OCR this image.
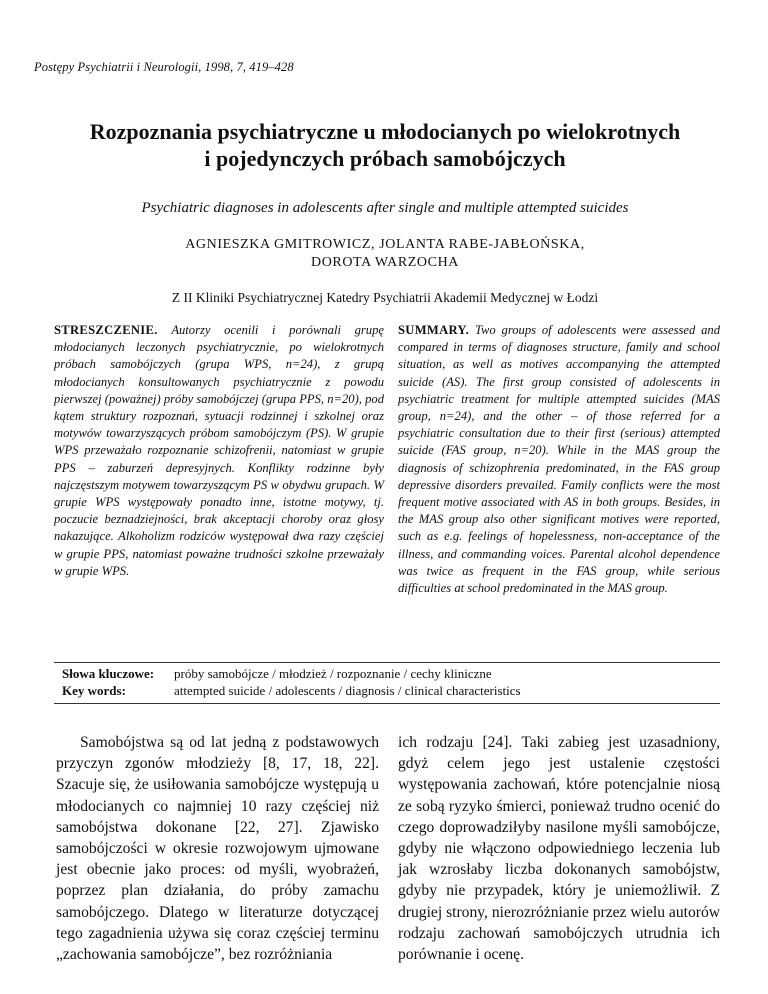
Postępy Psychiatrii i Neurologii, 1998, 7, 419–428
Rozpoznania psychiatryczne u młodocianych po wielokrotnych
i pojedynczych próbach samobójczych
Psychiatric diagnoses in adolescents after single and multiple attempted suicides
AGNIESZKA GMITROWICZ, JOLANTA RABE-JABŁOŃSKA,
DOROTA WARZOCHA
Z II Kliniki Psychiatrycznej Katedry Psychiatrii Akademii Medycznej w Łodzi
STRESZCZENIE. Autorzy ocenili i porównali grupę młodocianych leczonych psychiatrycznie, po wielokrotnych próbach samobójczych (grupa WPS, n=24), z grupą młodocianych konsultowanych psychiatrycznie z powodu pierwszej (poważnej) próby samobójczej (grupa PPS, n=20), pod kątem struktury rozpoznań, sytuacji rodzinnej i szkolnej oraz motywów towarzyszących próbom samobójczym (PS). W grupie WPS przeważało rozpoznanie schizofrenii, natomiast w grupie PPS – zaburzeń depresyjnych. Konflikty rodzinne były najczęstszym motywem towarzyszącym PS w obydwu grupach. W grupie WPS występowały ponadto inne, istotne motywy, tj. poczucie beznadziejności, brak akceptacji choroby oraz głosy nakazujące. Alkoholizm rodziców występował dwa razy częściej w grupie PPS, natomiast poważne trudności szkolne przeważały w grupie WPS.
SUMMARY. Two groups of adolescents were assessed and compared in terms of diagnoses structure, family and school situation, as well as motives accompanying the attempted suicide (AS). The first group consisted of adolescents in psychiatric treatment for multiple attempted suicides (MAS group, n=24), and the other – of those referred for a psychiatric consultation due to their first (serious) attempted suicide (FAS group, n=20). While in the MAS group the diagnosis of schizophrenia predominated, in the FAS group depressive disorders prevailed. Family conflicts were the most frequent motive associated with AS in both groups. Besides, in the MAS group also other significant motives were reported, such as e.g. feelings of hopelessness, non-acceptance of the illness, and commanding voices. Parental alcohol dependence was twice as frequent in the FAS group, while serious difficulties at school predominated in the MAS group.
Słowa kluczowe: próby samobójcze / młodzież / rozpoznanie / cechy kliniczne
Key words:	attempted suicide / adolescents / diagnosis / clinical characteristics
Samobójstwa są od lat jedną z podstawowych przyczyn zgonów młodzieży [8, 17, 18, 22]. Szacuje się, że usiłowania samobójcze występują u młodocianych co najmniej 10 razy częściej niż samobójstwa dokonane [22, 27]. Zjawisko samobójczości w okresie rozwojowym ujmowane jest obecnie jako proces: od myśli, wyobrażeń, poprzez plan działania, do próby zamachu samobójczego. Dlatego w literaturze dotyczącej tego zagadnienia używa się coraz częściej terminu „zachowania samobójcze”, bez rozróżniania
ich rodzaju [24]. Taki zabieg jest uzasadniony, gdyż celem jego jest ustalenie częstości występowania zachowań, które potencjalnie niosą ze sobą ryzyko śmierci, ponieważ trudno ocenić do czego doprowadziłyby nasilone myśli samobójcze, gdyby nie włączono odpowiedniego leczenia lub jak wzrosłaby liczba dokonanych samobójstw, gdyby nie przypadek, który je uniemożliwił. Z drugiej strony, nierozróżnianie przez wielu autorów rodzaju zachowań samobójczych utrudnia ich porównanie i ocenę.
